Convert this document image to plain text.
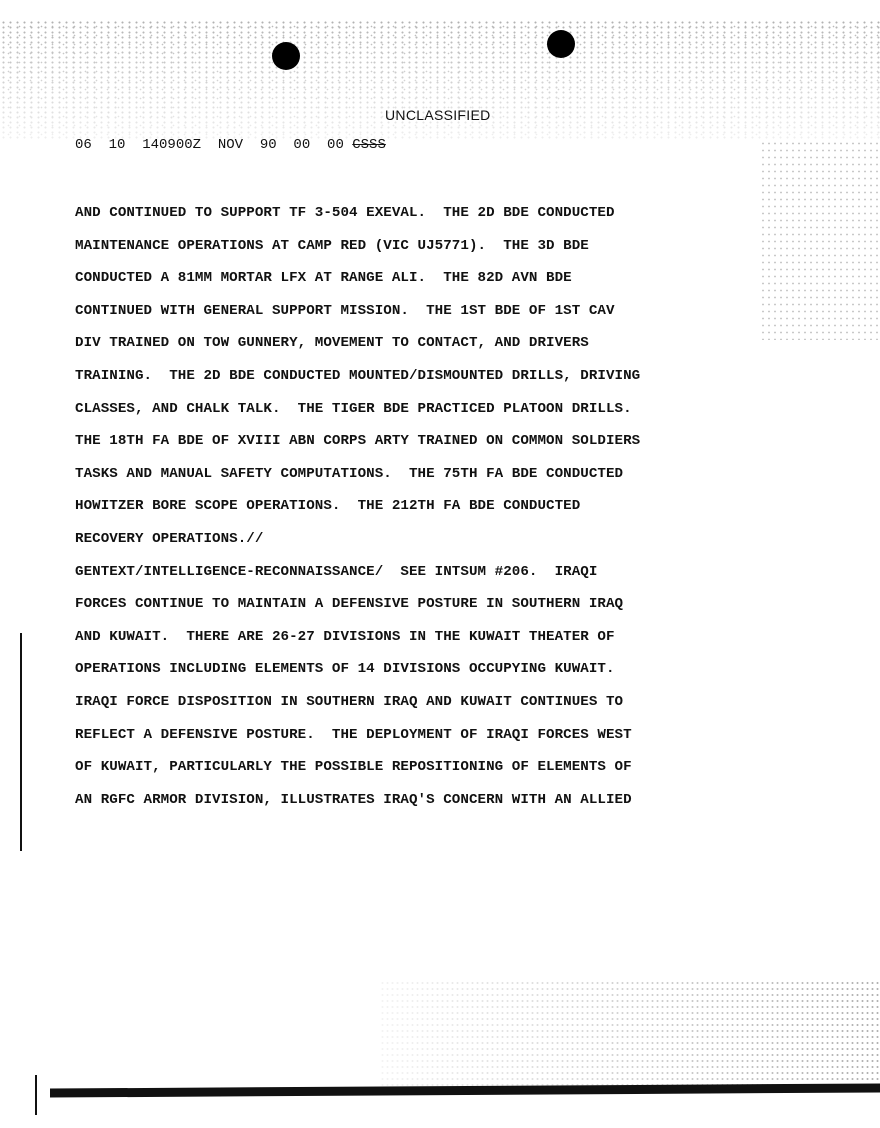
UNCLASSIFIED
06  10  140900Z  NOV  90  00  00 CSSS
AND CONTINUED TO SUPPORT TF 3-504 EXEVAL.  THE 2D BDE CONDUCTED
MAINTENANCE OPERATIONS AT CAMP RED (VIC UJ5771).  THE 3D BDE
CONDUCTED A 81MM MORTAR LFX AT RANGE ALI.  THE 82D AVN BDE
CONTINUED WITH GENERAL SUPPORT MISSION.  THE 1ST BDE OF 1ST CAV
DIV TRAINED ON TOW GUNNERY, MOVEMENT TO CONTACT, AND DRIVERS
TRAINING.  THE 2D BDE CONDUCTED MOUNTED/DISMOUNTED DRILLS, DRIVING
CLASSES, AND CHALK TALK.  THE TIGER BDE PRACTICED PLATOON DRILLS.
THE 18TH FA BDE OF XVIII ABN CORPS ARTY TRAINED ON COMMON SOLDIERS
TASKS AND MANUAL SAFETY COMPUTATIONS.  THE 75TH FA BDE CONDUCTED
HOWITZER BORE SCOPE OPERATIONS.  THE 212TH FA BDE CONDUCTED
RECOVERY OPERATIONS.//
GENTEXT/INTELLIGENCE-RECONNAISSANCE/  SEE INTSUM #206.  IRAQI
FORCES CONTINUE TO MAINTAIN A DEFENSIVE POSTURE IN SOUTHERN IRAQ
AND KUWAIT.  THERE ARE 26-27 DIVISIONS IN THE KUWAIT THEATER OF
OPERATIONS INCLUDING ELEMENTS OF 14 DIVISIONS OCCUPYING KUWAIT.
IRAQI FORCE DISPOSITION IN SOUTHERN IRAQ AND KUWAIT CONTINUES TO
REFLECT A DEFENSIVE POSTURE.  THE DEPLOYMENT OF IRAQI FORCES WEST
OF KUWAIT, PARTICULARLY THE POSSIBLE REPOSITIONING OF ELEMENTS OF
AN RGFC ARMOR DIVISION, ILLUSTRATES IRAQ'S CONCERN WITH AN ALLIED
